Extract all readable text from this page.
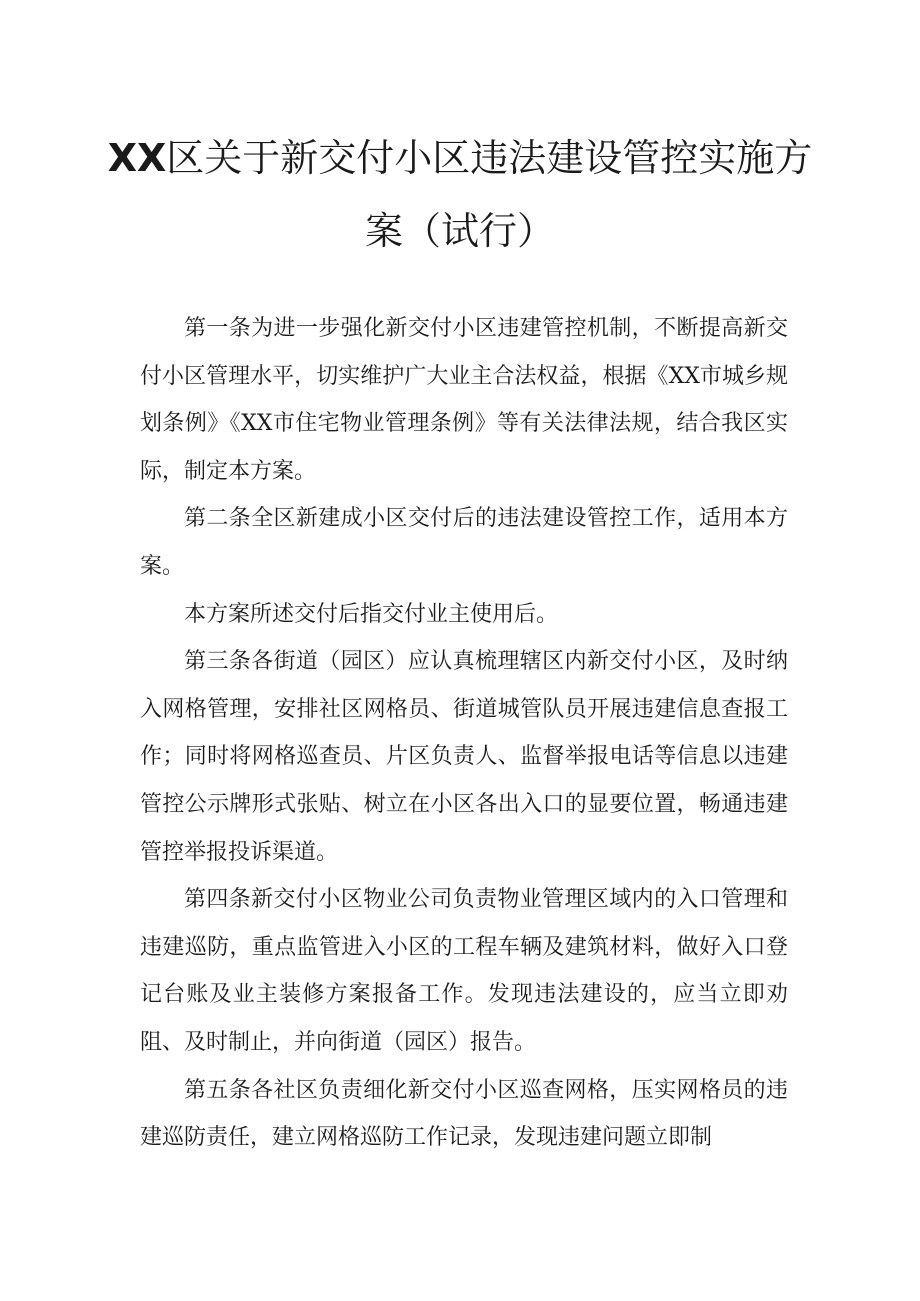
XX区关于新交付小区违法建设管控实施方
案（试行）

第一条为进一步强化新交付小区违建管控机制，不断提高新交付小区管理水平，切实维护广大业主合法权益，根据《XX市城乡规划条例》《XX市住宅物业管理条例》等有关法律法规，结合我区实际，制定本方案。

第二条全区新建成小区交付后的违法建设管控工作，适用本方案。

本方案所述交付后指交付业主使用后。

第三条各街道（园区）应认真梳理辖区内新交付小区，及时纳入网格管理，安排社区网格员、街道城管队员开展违建信息查报工作；同时将网格巡查员、片区负责人、监督举报电话等信息以违建管控公示牌形式张贴、树立在小区各出入口的显要位置，畅通违建管控举报投诉渠道。

第四条新交付小区物业公司负责物业管理区域内的入口管理和违建巡防，重点监管进入小区的工程车辆及建筑材料，做好入口登记台账及业主装修方案报备工作。发现违法建设的，应当立即劝阻、及时制止，并向街道（园区）报告。

第五条各社区负责细化新交付小区巡查网格，压实网格员的违建巡防责任，建立网格巡防工作记录，发现违建问题立即制
